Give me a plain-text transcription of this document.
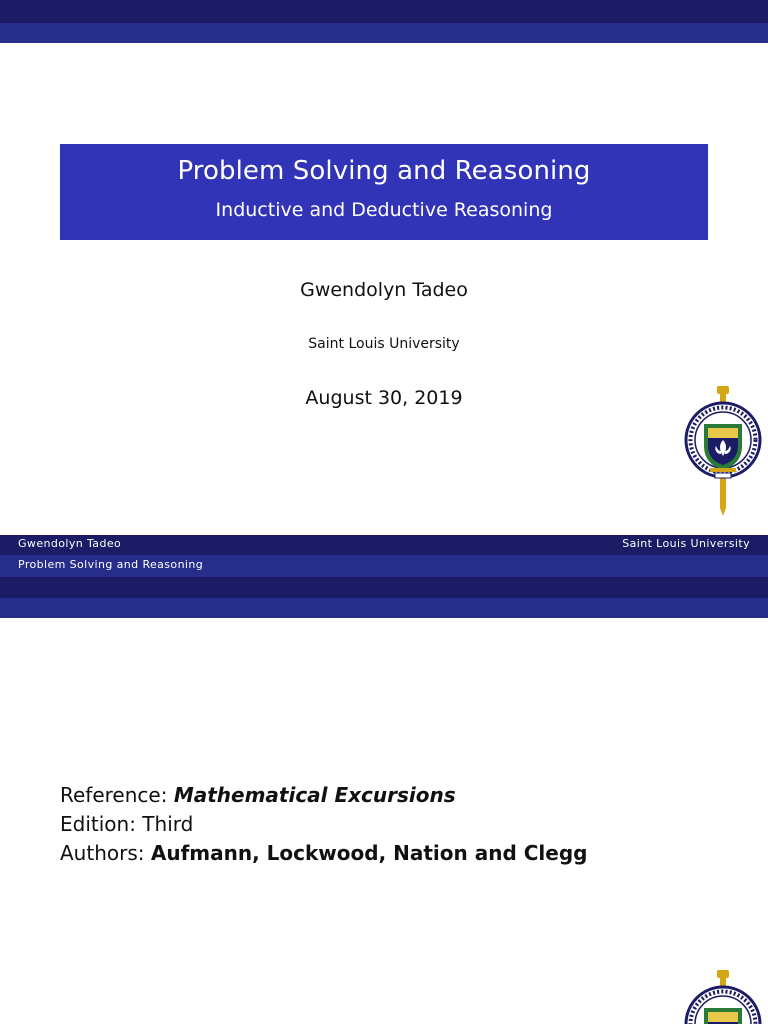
Problem Solving and Reasoning
Inductive and Deductive Reasoning
Gwendolyn Tadeo
Saint Louis University
August 30, 2019
Gwendolyn Tadeo	Saint Louis University
Problem Solving and Reasoning
Reference: Mathematical Excursions
Edition: Third
Authors: Aufmann, Lockwood, Nation and Clegg
